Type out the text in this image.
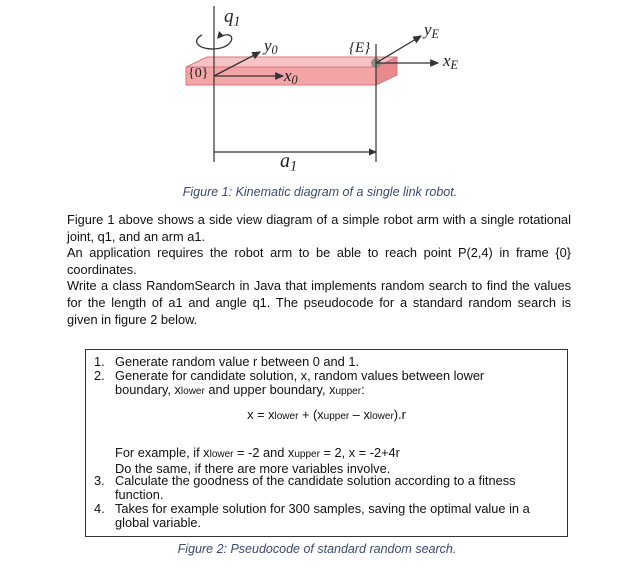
$q_1$
$y_0$
$x_0$
{0}
{E}
$y_E$
$x_E$
$a_1$
Figure 1: Kinematic diagram of a single link robot.

Figure 1 above shows a side view diagram of a simple robot arm with a single rotational joint, q1, and an arm a1.

An application requires the robot arm to be able to reach point P(2,4) in frame {0} coordinates.

Write a class RandomSearch in Java that implements random search to find the values for the length of a1 and angle q1. The pseudocode for a standard random search is given in figure 2 below.

1. Generate random value r between 0 and 1.
2. Generate for candidate solution, x, random values between lower
boundary, xlower and upper boundary, xupper:
x = xlower + (xupper – xlower).r
For example, if xlower = -2 and xupper = 2, x = -2+4r
Do the same, if there are more variables involve.
3. Calculate the goodness of the candidate solution according to a fitness
function.
4. Takes for example solution for 300 samples, saving the optimal value in a
global variable.
Figure 2: Pseudocode of standard random search.
